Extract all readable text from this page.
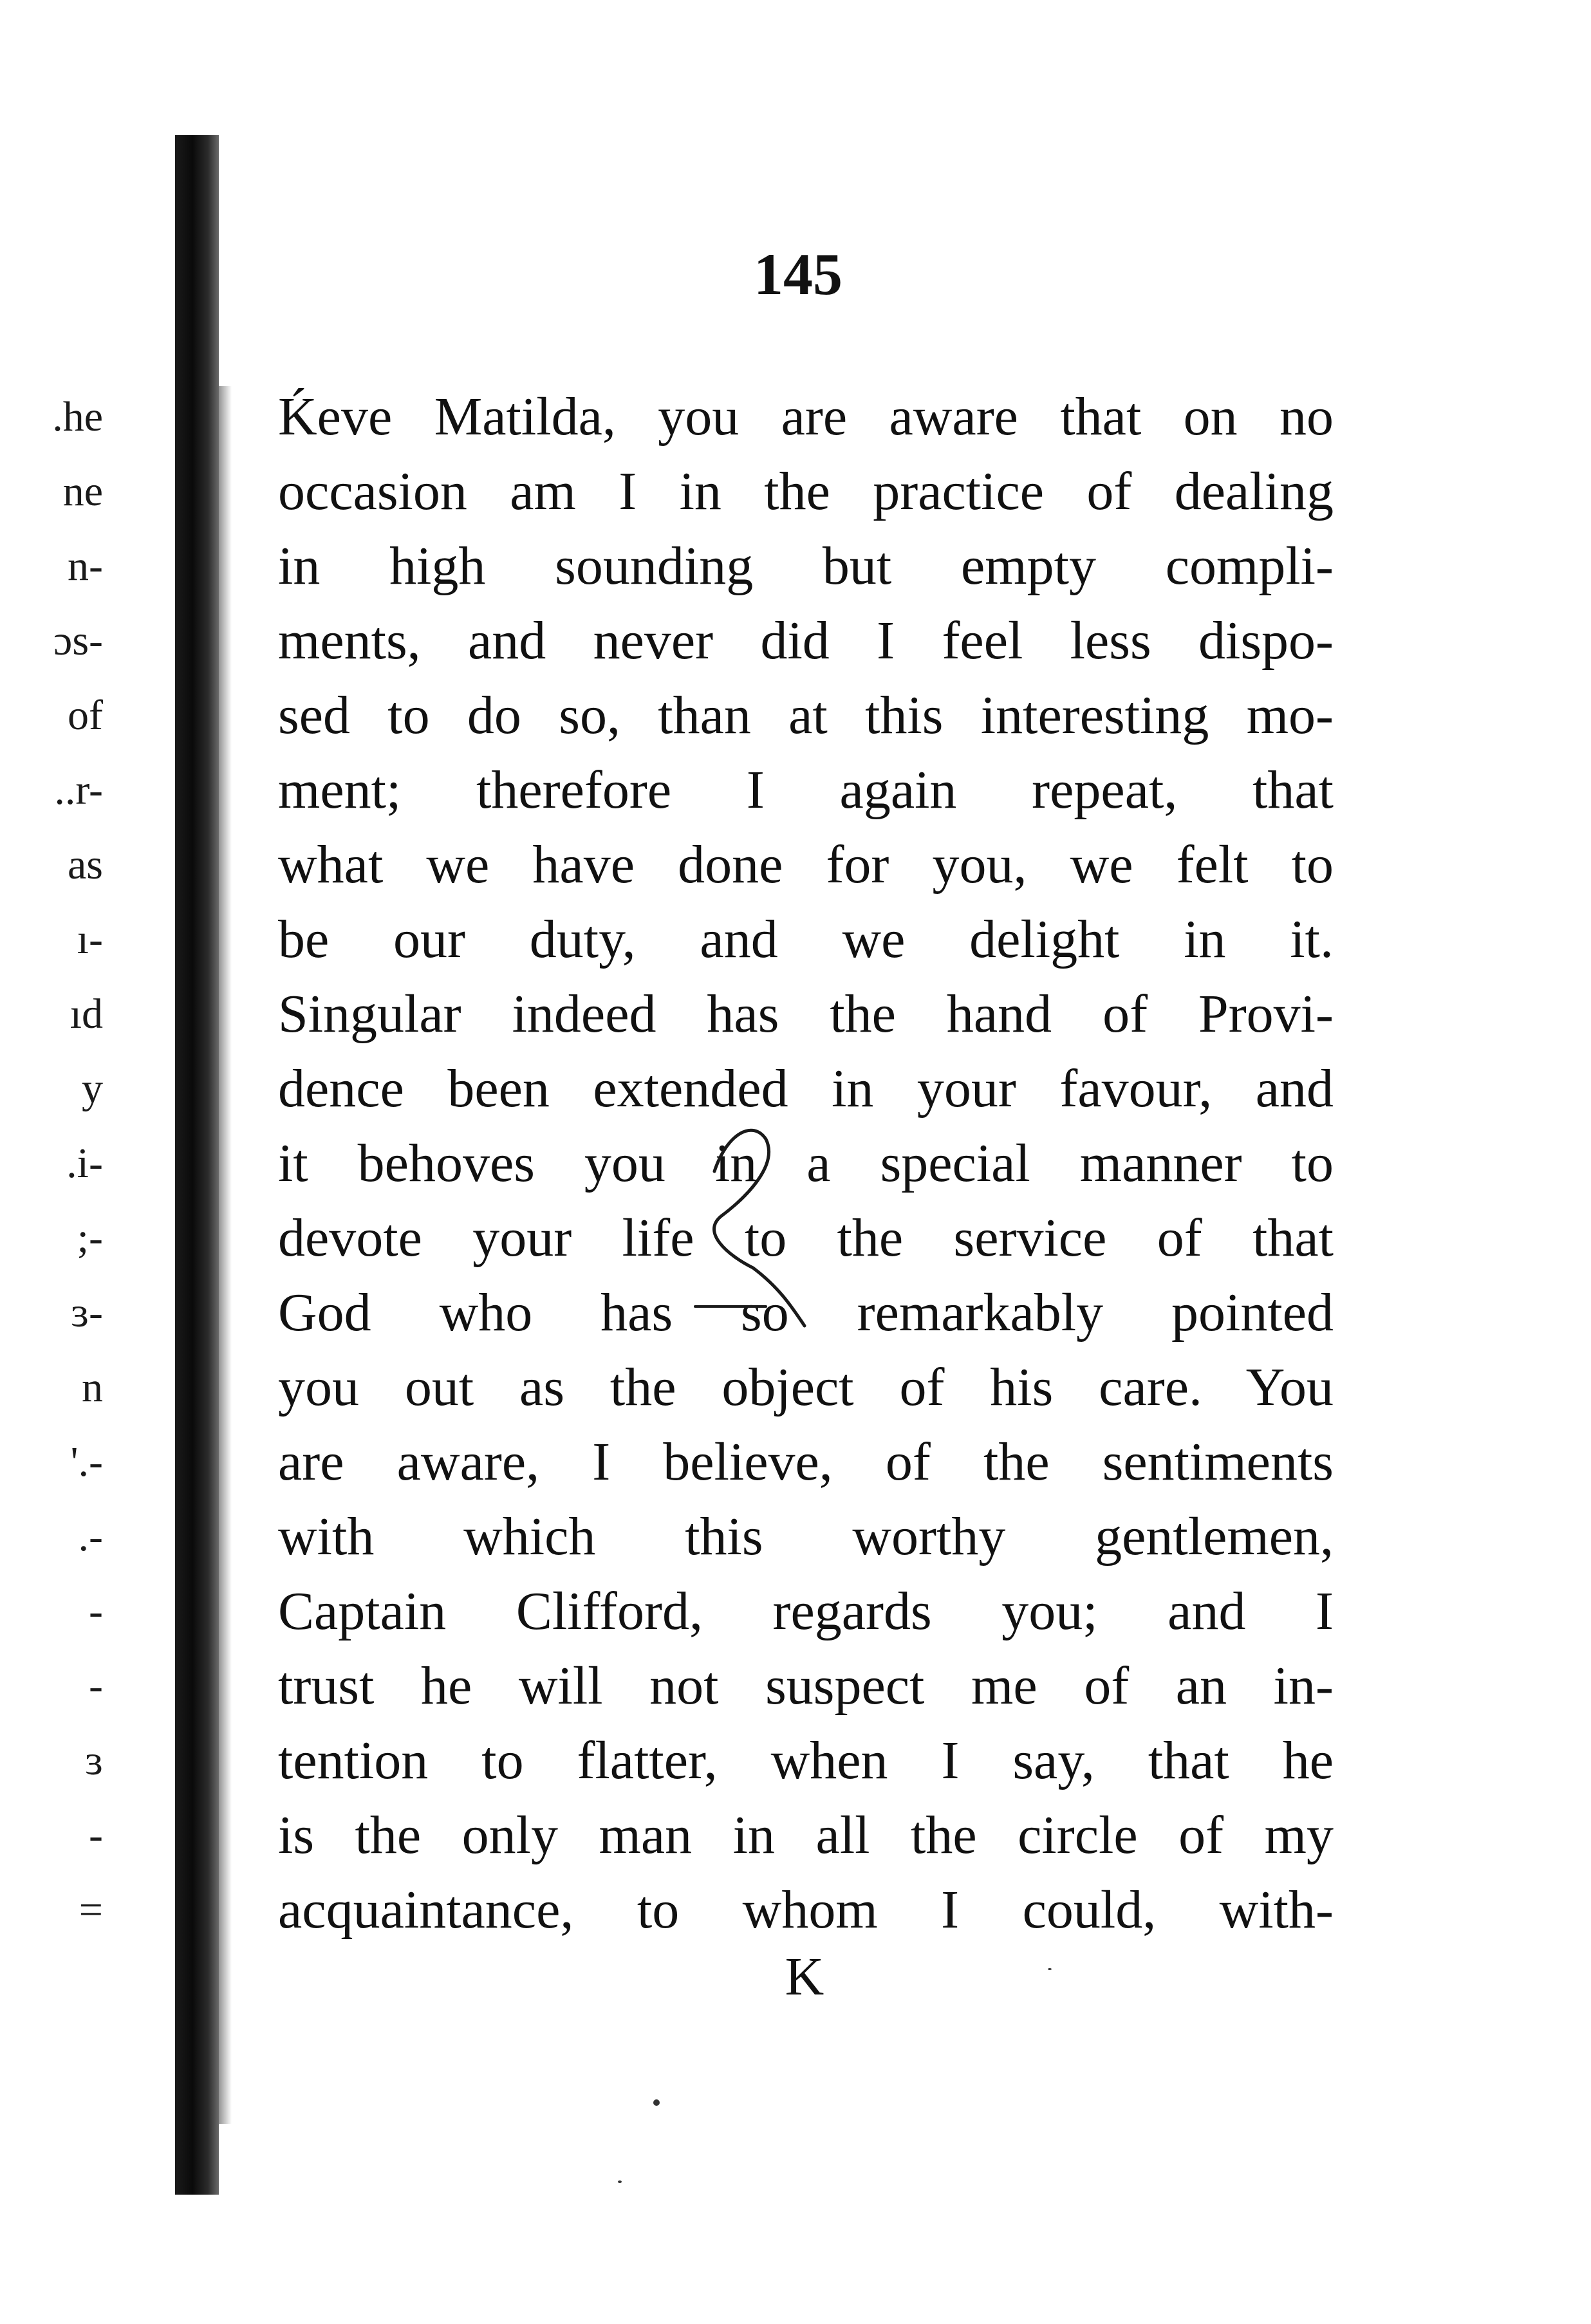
.he
ne
n-
ɔs-
of
..r-
as
ı-
ıd
y
.i-
;-
ɜ-
n
'.-
.-
-
-
ɜ
-
=
145
Ḱeve Matilda, you are aware that on no
occasion am I in the practice of dealing
in high sounding but empty compli-
ments, and never did I feel less dispo-
sed to do so, than at this interesting mo-
ment; therefore I again repeat, that
what we have done for you, we felt to
be our duty, and we delight in it.
Singular indeed has the hand of Provi-
dence been extended in your favour, and
it behoves you in a special manner to
devote your life to the service of that
God who has so remarkably pointed
you out as the object of his care. You
are aware, I believe, of the sentiments
with which this worthy gentlemen,
Captain Clifford, regards you; and I
trust he will not suspect me of an in-
tention to flatter, when I say, that he
is the only man in all the circle of my
acquaintance, to whom I could, with-
K
